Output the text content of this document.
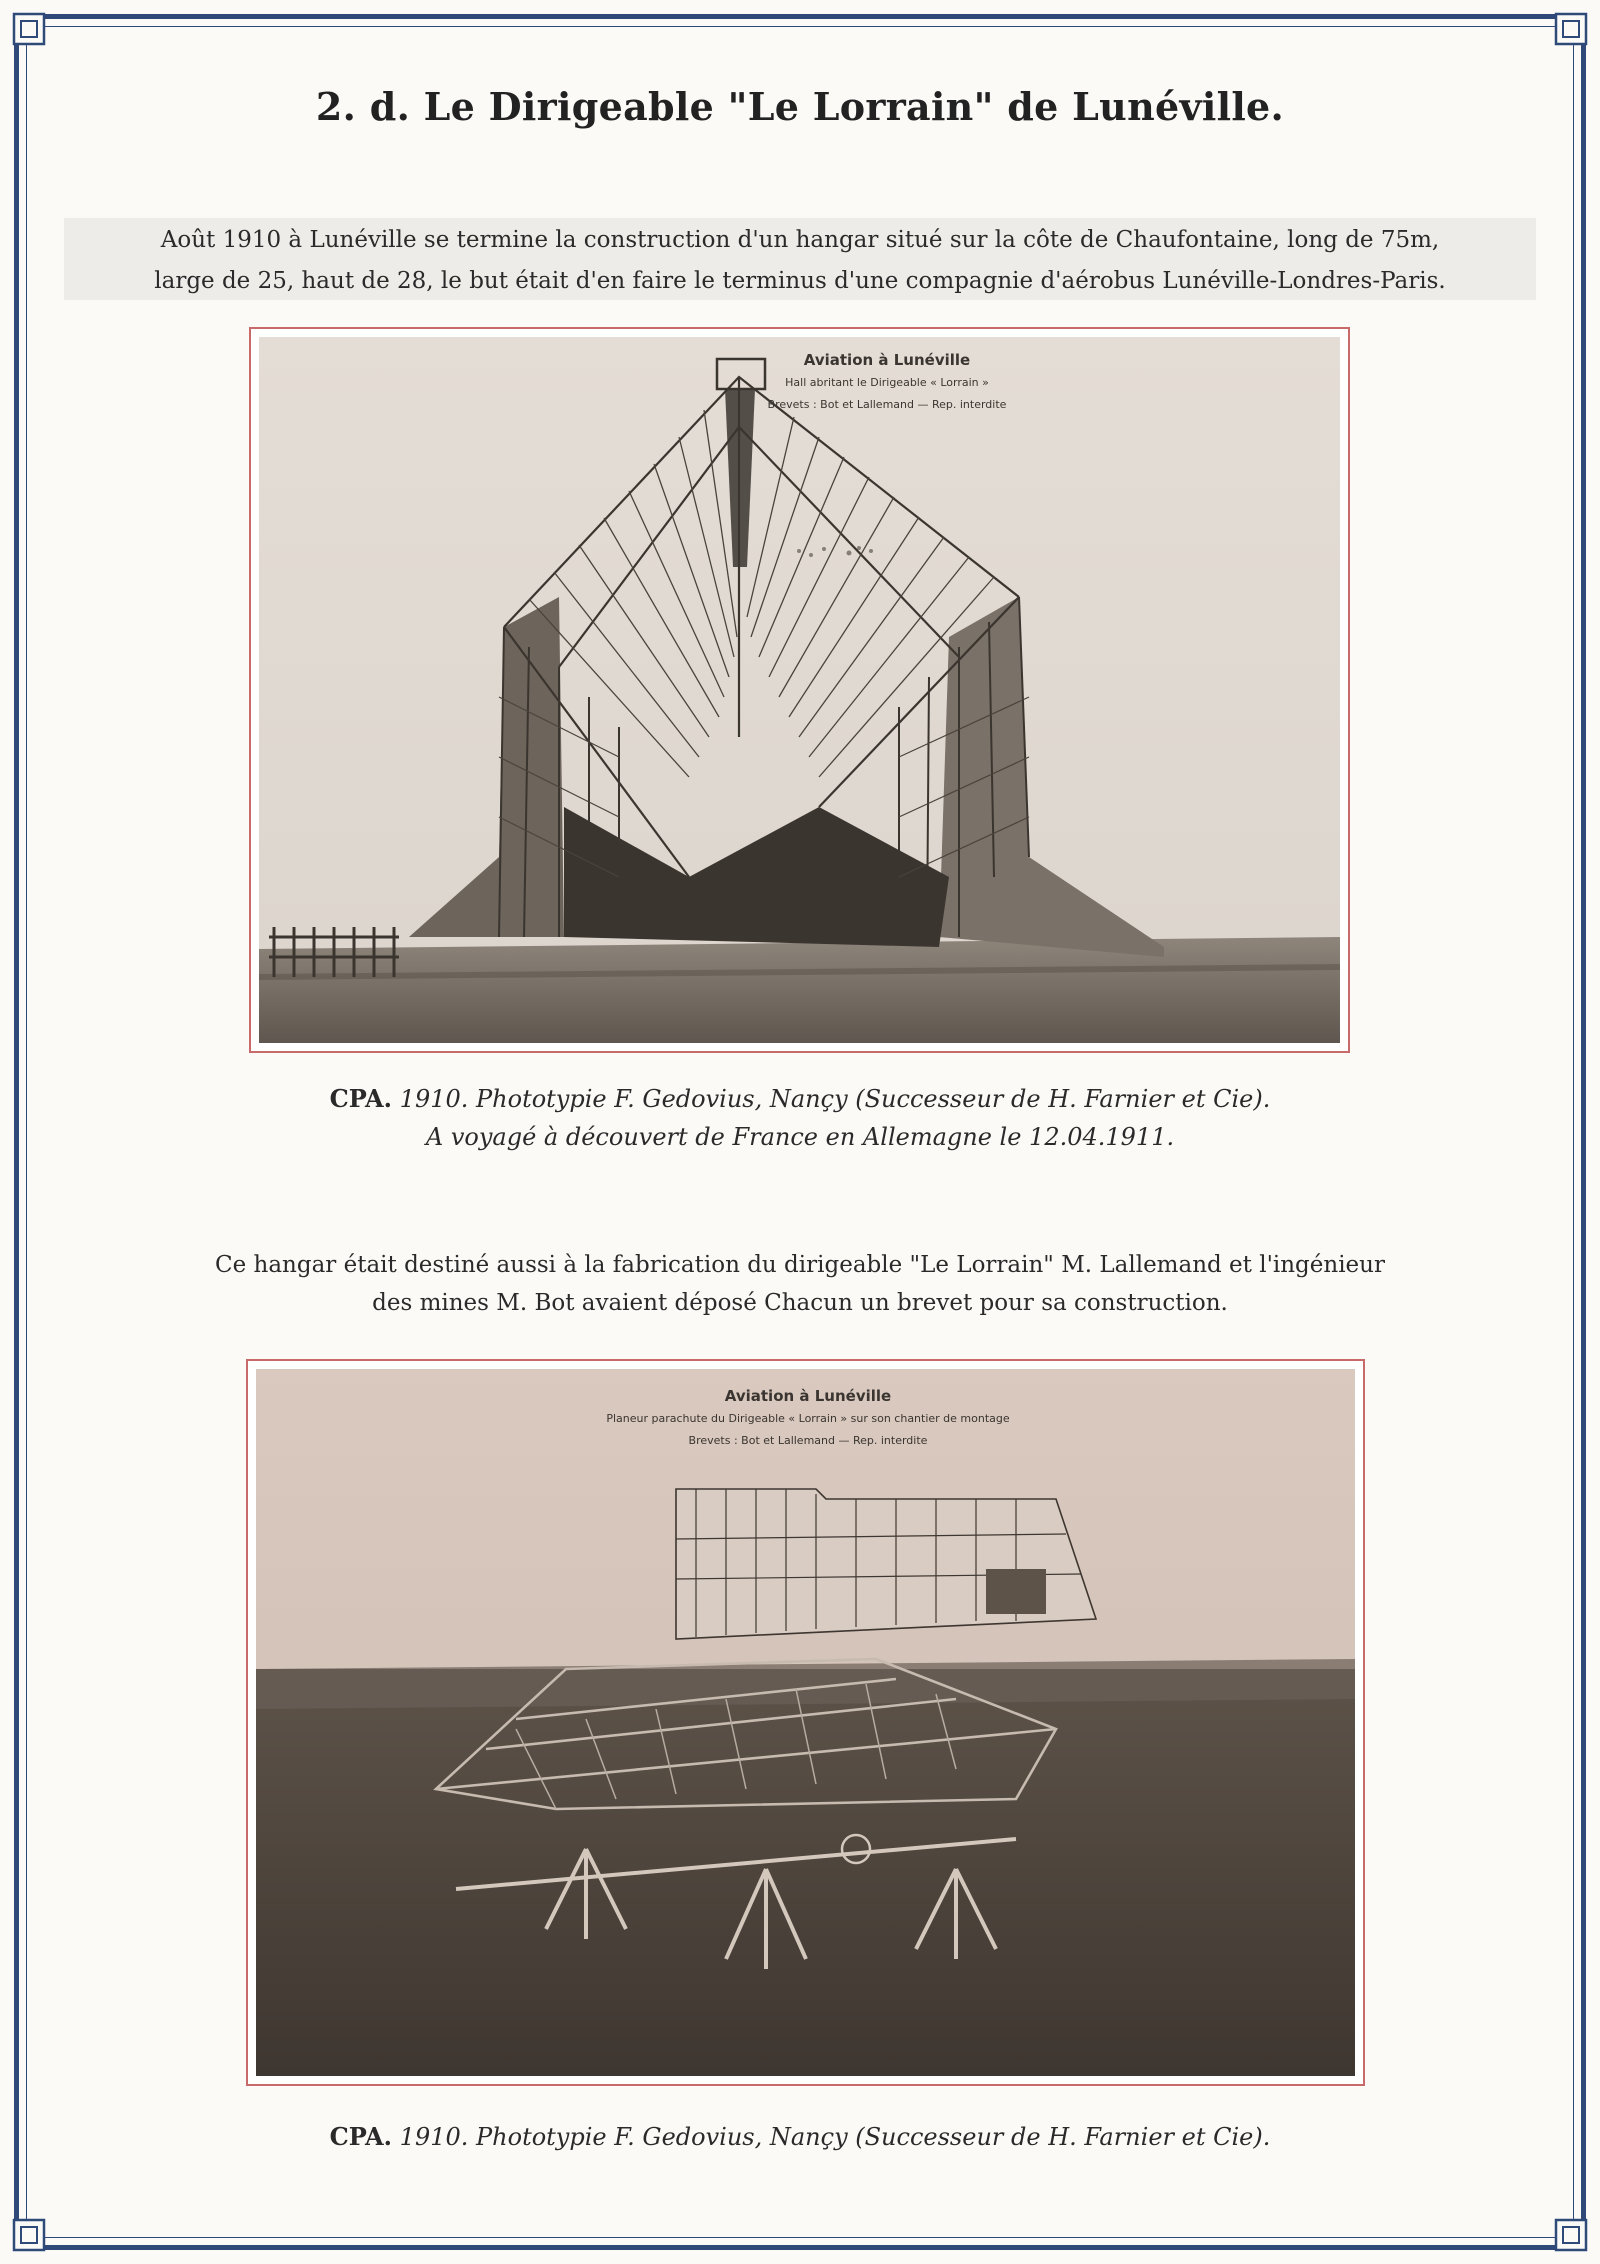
2. d. Le Dirigeable "Le Lorrain" de Lunéville.

Août 1910 à Lunéville se termine la construction d'un hangar situé sur la côte de Chaufontaine, long de 75m,

large de 25, haut de 28, le but était d'en faire le terminus d'une compagnie d'aérobus Lunéville-Londres-Paris.

Aviation à Lunéville
Hall abritant le Dirigeable « Lorrain »
Brevets : Bot et Lallemand — Rep. interdite
CPA. 1910. Phototypie F. Gedovius, Nançy (Successeur de H. Farnier et Cie).
A voyagé à découvert de France en Allemagne le 12.04.1911.
Ce hangar était destiné aussi à la fabrication du dirigeable "Le Lorrain" M. Lallemand et l'ingénieur
des mines M. Bot avaient déposé Chacun un brevet pour sa construction.
Aviation à Lunéville
Planeur parachute du Dirigeable « Lorrain » sur son chantier de montage
Brevets : Bot et Lallemand — Rep. interdite
CPA. 1910. Phototypie F. Gedovius, Nançy (Successeur de H. Farnier et Cie).
